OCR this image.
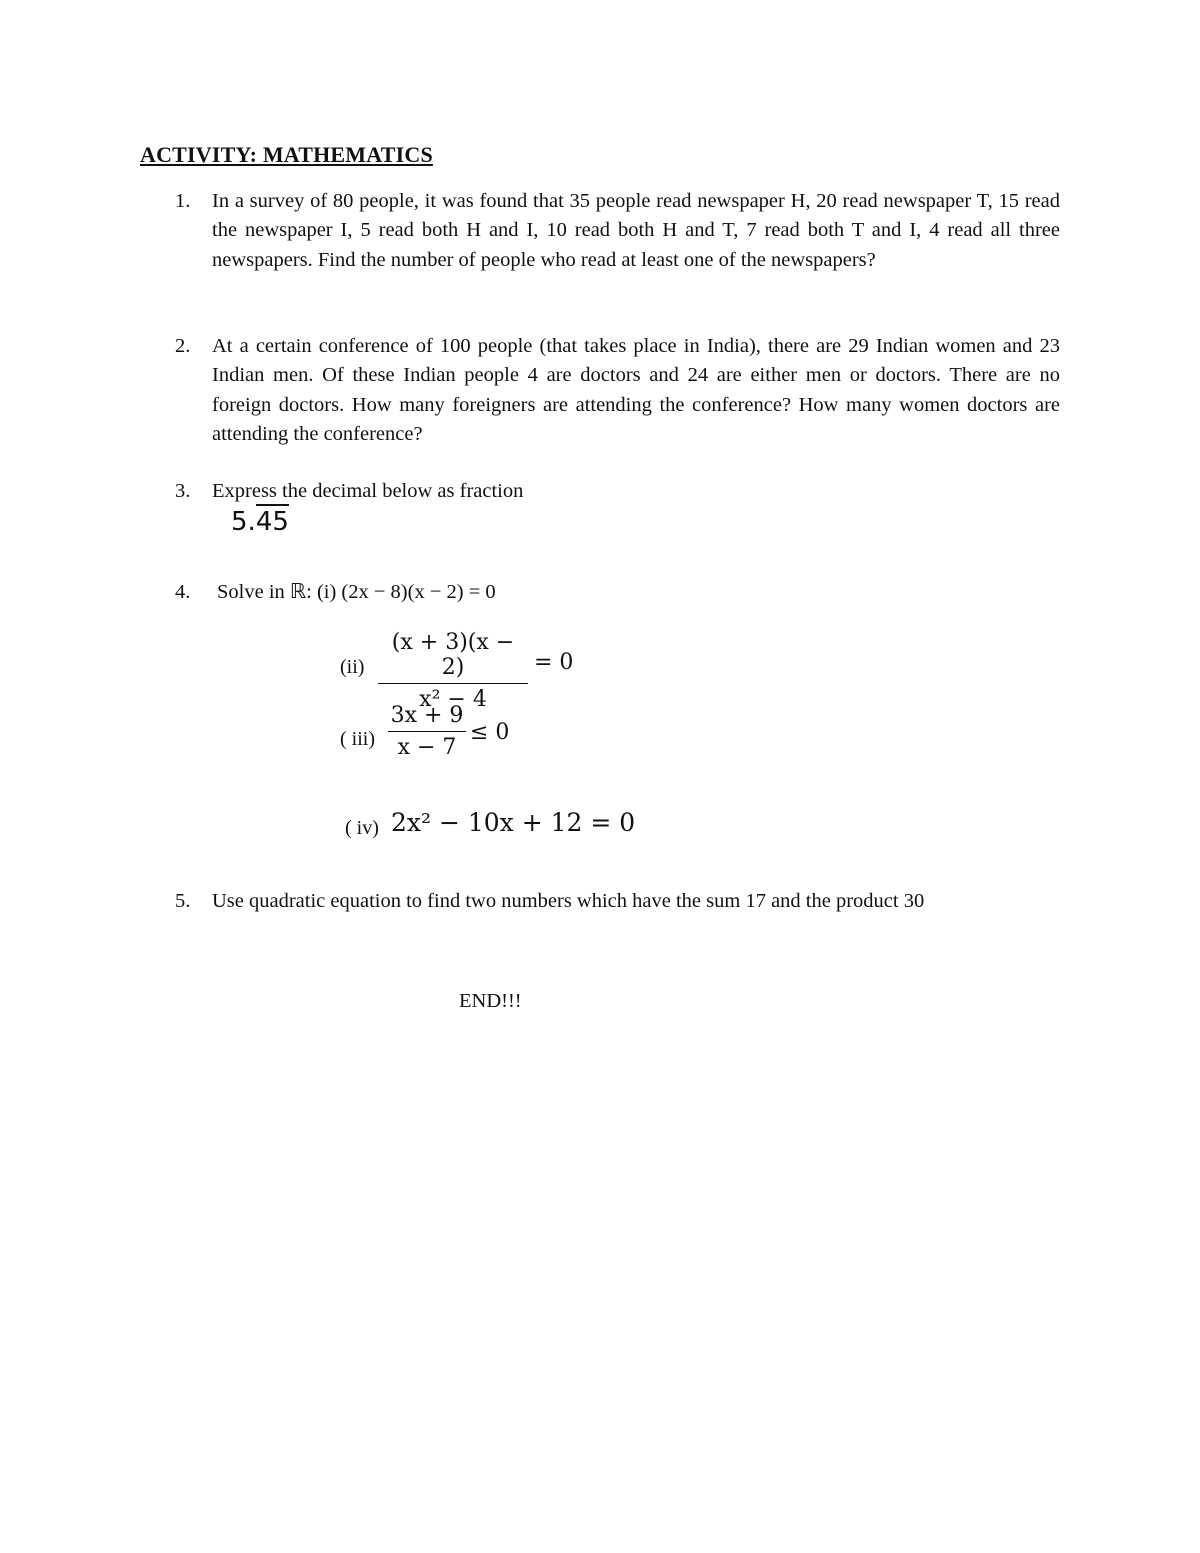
ACTIVITY: MATHEMATICS
1. In a survey of 80 people, it was found that 35 people read newspaper H, 20 read newspaper T, 15 read the newspaper I, 5 read both H and I, 10 read both H and T, 7 read both T and I, 4 read all three newspapers. Find the number of people who read at least one of the newspapers?
2. At a certain conference of 100 people (that takes place in India), there are 29 Indian women and 23 Indian men. Of these Indian people 4 are doctors and 24 are either men or doctors. There are no foreign doctors. How many foreigners are attending the conference? How many women doctors are attending the conference?
3. Express the decimal below as fraction
5.45
4. Solve in ℝ: (i) (2x − 8)(x − 2) = 0
(ii)
(x + 3)(x − 2)
x² − 4
= 0
( iii)
3x + 9
x − 7
≤ 0
( iv) 2x² − 10x + 12 = 0
5. Use quadratic equation to find two numbers which have the sum 17 and the product 30
END!!!
